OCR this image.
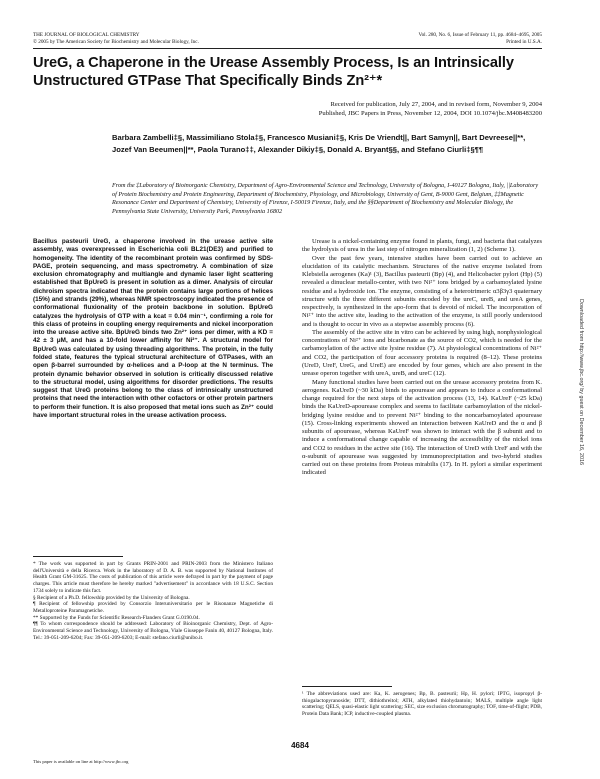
THE JOURNAL OF BIOLOGICAL CHEMISTRY
© 2005 by The American Society for Biochemistry and Molecular Biology, Inc.
Vol. 280, No. 6, Issue of February 11, pp. 4684–4695, 2005
Printed in U.S.A.
UreG, a Chaperone in the Urease Assembly Process, Is an Intrinsically Unstructured GTPase That Specifically Binds Zn²⁺*
Received for publication, July 27, 2004, and in revised form, November 9, 2004
Published, JBC Papers in Press, November 12, 2004, DOI 10.1074/jbc.M408483200

Barbara Zambelli‡§, Massimiliano Stola‡§, Francesco Musiani‡§, Kris De Vriendt||, Bart Samyn||, Bart Devreese||**, Jozef Van Beeumen||**, Paola Turano‡‡, Alexander Dikiy‡§, Donald A. Bryant§§, and Stefano Ciurli‡§¶¶

From the ‡Laboratory of Bioinorganic Chemistry, Department of Agro-Environmental Science and Technology, University of Bologna, I-40127 Bologna, Italy, ||Laboratory of Protein Biochemistry and Protein Engineering, Department of Biochemistry, Physiology, and Microbiology, University of Gent, B-9000 Gent, Belgium, ‡‡Magnetic Resonance Center and Department of Chemistry, University of Firenze, I-50019 Firenze, Italy, and the §§Department of Biochemistry and Molecular Biology, the Pennsylvania State University, University Park, Pennsylvania 16802

Bacillus pasteurii UreG, a chaperone involved in the urease active site assembly, was overexpressed in Escherichia coli BL21(DE3) and purified to homogeneity. The identity of the recombinant protein was confirmed by SDS-PAGE, protein sequencing, and mass spectrometry. A combination of size exclusion chromatography and multiangle and dynamic laser light scattering established that BpUreG is present in solution as a dimer. Analysis of circular dichroism spectra indicated that the protein contains large portions of helices (15%) and strands (29%), whereas NMR spectroscopy indicated the presence of conformational fluxionality of the protein backbone in solution. BpUreG catalyzes the hydrolysis of GTP with a kcat = 0.04 min⁻¹, confirming a role for this class of proteins in coupling energy requirements and nickel incorporation into the urease active site. BpUreG binds two Zn²⁺ ions per dimer, with a KD = 42 ± 3 μM, and has a 10-fold lower affinity for Ni²⁺. A structural model for BpUreG was calculated by using threading algorithms. The protein, in the fully folded state, features the typical structural architecture of GTPases, with an open β-barrel surrounded by α-helices and a P-loop at the N terminus. The protein dynamic behavior observed in solution is critically discussed relative to the structural model, using algorithms for disorder predictions. The results suggest that UreG proteins belong to the class of intrinsically unstructured proteins that need the interaction with other cofactors or other protein partners to perform their function. It is also proposed that metal ions such as Zn²⁺ could have important structural roles in the urease activation process.

Urease is a nickel-containing enzyme found in plants, fungi, and bacteria that catalyzes the hydrolysis of urea in the last step of nitrogen mineralization (1, 2) (Scheme 1).

Over the past few years, intensive studies have been carried out to achieve an elucidation of its catalytic mechanism. Structures of the native enzyme isolated from Klebsiella aerogenes (Ka)¹ (3), Bacillus pasteurii (Bp) (4), and Helicobacter pylori (Hp) (5) revealed a dinuclear metallo-center, with two Ni²⁺ ions bridged by a carbamoylated lysine residue and a hydroxide ion. The enzyme, consisting of a heterotrimeric α3β3γ3 quaternary structure with the three different subunits encoded by the ureC, ureB, and ureA genes, respectively, is synthesized in the apo-form that is devoid of nickel. The incorporation of Ni²⁺ into the active site, leading to the activation of the enzyme, is still poorly understood and is thought to occur in vivo as a stepwise assembly process (6).

The assembly of the active site in vitro can be achieved by using high, nonphysiological concentrations of Ni²⁺ ions and bicarbonate as the source of CO2, which is needed for the carbamoylation of the active site lysine residue (7). At physiological concentrations of Ni²⁺ and CO2, the participation of four accessory proteins is required (8–12). These proteins (UreD, UreF, UreG, and UreE) are encoded by four genes, which are also present in the urease operon together with ureA, ureB, and ureC (12).

Many functional studies have been carried out on the urease accessory proteins from K. aerogenes. KaUreD (~30 kDa) binds to apourease and appears to induce a conformational change required for the next steps of the activation process (13, 14). KaUreF (~25 kDa) binds the KaUreD-apourease complex and seems to facilitate carbamoylation of the nickel-bridging lysine residue and to prevent Ni²⁺ binding to the noncarbamoylated apourease (15). Cross-linking experiments showed an interaction between KaUreD and the α and β subunits of apourease, whereas KaUreF was shown to interact with the β subunit and to induce a conformational change capable of increasing the accessibility of the nickel ions and CO2 to residues in the active site (16). The interaction of UreD with UreF and with the α-subunit of apourease was suggested by immunoprecipitation and two-hybrid studies carried out on these proteins from Proteus mirabilis (17). In H. pylori a similar experiment indicated

* The work was supported in part by Grants PRIN-2001 and PRIN-2003 from the Ministero Italiano dell'Università e della Ricerca. Work in the laboratory of D. A. B. was supported by National Institutes of Health Grant GM-31625. The costs of publication of this article were defrayed in part by the payment of page charges. This article must therefore be hereby marked "advertisement" in accordance with 18 U.S.C. Section 1734 solely to indicate this fact.

§ Recipient of a Ph.D. fellowship provided by the University of Bologna.

¶ Recipient of fellowship provided by Consorzio Interuniversitario per le Risonanze Magnetiche di Metalloproteine Paramagnetiche.

** Supported by the Funds for Scientific Research-Flanders Grant G.0190.04.

¶¶ To whom correspondence should be addressed: Laboratory of Bioinorganic Chemistry, Dept. of Agro-Environmental Science and Technology, University of Bologna, Viale Giuseppe Fanin 40, 40127 Bologna, Italy. Tel.: 39-051-209-6204; Fax: 39-051-209-6203; E-mail: stefano.ciurli@unibo.it.

¹ The abbreviations used are: Ka, K. aerogenes; Bp, B. pasteurii; Hp, H. pylori; IPTG, isopropyl β-thiogalactopyranoside; DTT, dithiothreitol; ATH, alkylated thiohydantoin; MALS, multiple angle light scattering; QELS, quasi-elastic light scattering; SEC, size exclusion chromatography; TOF, time-of-flight; PDB, Protein Data Bank; ICP, inductive-coupled plasma.

4684
This paper is available on line at http://www.jbc.org
Downloaded from http://www.jbc.org/ by guest on December 16, 2016
